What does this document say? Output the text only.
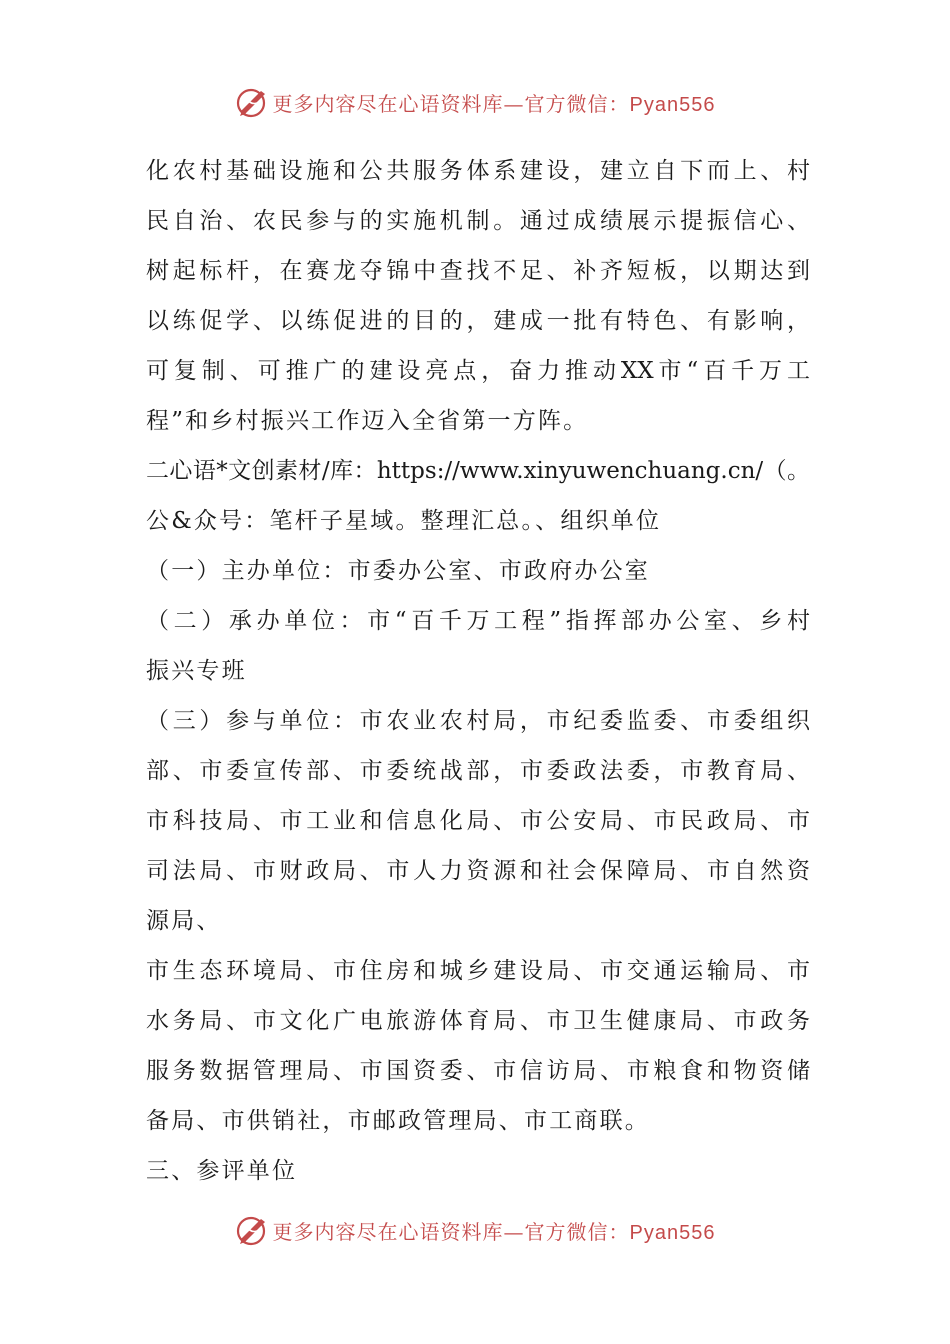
更多内容尽在心语资料库—官方微信：Pyan556
化农村基础设施和公共服务体系建设，建立自下而上、村
民自治、农民参与的实施机制。通过成绩展示提振信心、
树起标杆，在赛龙夺锦中查找不足、补齐短板，以期达到
以练促学、以练促进的目的，建成一批有特色、有影响，
可复制、可推广的建设亮点，奋力推动XX市“百千万工
程”和乡村振兴工作迈入全省第一方阵。
二心语*文创素材/库：https://www.xinyuwenchuang.cn/（。
公&众号：笔杆子星域。整理汇总。、组织单位
（一）主办单位：市委办公室、市政府办公室
（二）承办单位：市“百千万工程”指挥部办公室、乡村
振兴专班
（三）参与单位：市农业农村局，市纪委监委、市委组织
部、市委宣传部、市委统战部，市委政法委，市教育局、
市科技局、市工业和信息化局、市公安局、市民政局、市
司法局、市财政局、市人力资源和社会保障局、市自然资
源局、
市生态环境局、市住房和城乡建设局、市交通运输局、市
水务局、市文化广电旅游体育局、市卫生健康局、市政务
服务数据管理局、市国资委、市信访局、市粮食和物资储
备局、市供销社，市邮政管理局、市工商联。
三、参评单位
更多内容尽在心语资料库—官方微信：Pyan556
